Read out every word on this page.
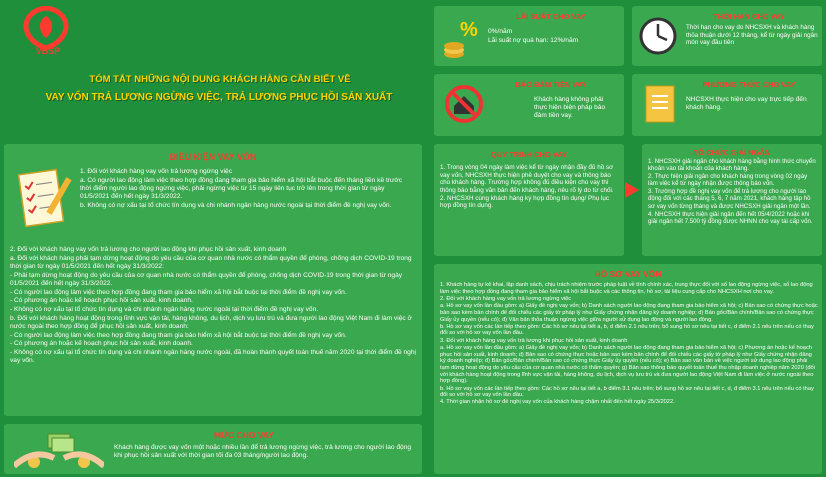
VBSP
TÓM TẮT NHỮNG NỘI DUNG KHÁCH HÀNG CẦN BIẾT VỀ
VAY VỐN TRẢ LƯƠNG NGỪNG VIỆC, TRẢ LƯƠNG PHỤC HỒI SẢN XUẤT
ĐIỀU KIỆN VAY VỐN

1. Đối với khách hàng vay vốn trả lương ngừng việc

a. Có người lao động làm việc theo hợp đồng đang tham gia bảo hiểm xã hội bắt buộc đến tháng liền kề trước thời điểm người lao động ngừng việc, phải ngừng việc từ 15 ngày liên tục trở lên trong thời gian từ ngày 01/5/2021 đến hết ngày 31/3/2022.

b. Không có nợ xấu tại tổ chức tín dụng và chi nhánh ngân hàng nước ngoài tại thời điểm đề nghị vay vốn.

2. Đối với khách hàng vay vốn trả lương cho người lao động khi phục hồi sản xuất, kinh doanh

a. Đối với khách hàng phải tạm dừng hoạt động do yêu cầu của cơ quan nhà nước có thẩm quyền để phòng, chống dịch COVID-19 trong thời gian từ ngày 01/5/2021 đến hết ngày 31/3/2022:

- Phải tạm dừng hoạt động do yêu cầu của cơ quan nhà nước có thẩm quyền để phòng, chống dịch COVID-19 trong thời gian từ ngày 01/5/2021 đến hết ngày 31/3/2022.

- Có người lao động làm việc theo hợp đồng đang tham gia bảo hiểm xã hội bắt buộc tại thời điểm đề nghị vay vốn.

- Có phương án hoặc kế hoạch phục hồi sản xuất, kinh doanh.

- Không có nợ xấu tại tổ chức tín dụng và chi nhánh ngân hàng nước ngoài tại thời điểm đề nghị vay vốn.

b. Đối với khách hàng hoạt động trong lĩnh vực vận tải, hàng không, du lịch, dịch vụ lưu trú và đưa người lao động Việt Nam đi làm việc ở nước ngoài theo hợp đồng để phục hồi sản xuất, kinh doanh:

- Có người lao động làm việc theo hợp đồng đang tham gia bảo hiểm xã hội bắt buộc tại thời điểm đề nghị vay vốn.

- Có phương án hoặc kế hoạch phục hồi sản xuất, kinh doanh.

- Không có nợ xấu tại tổ chức tín dụng và chi nhánh ngân hàng nước ngoài, đã hoàn thành quyết toán thuế năm 2020 tại thời điểm đề nghị vay vốn.

MỨC CHO VAY
Khách hàng được vay vốn một hoặc nhiều lần để trả lương ngừng việc, trả lương cho người lao động khi phục hồi sản xuất với thời gian tối đa 03 tháng/người lao động.
%
LÃI SUẤT CHO VAY

0%/năm

Lãi suất nợ quá hạn: 12%/năm

THỜI HẠN CHO VAY
Thời hạn cho vay do NHCSXH và khách hàng thỏa thuận dưới 12 tháng, kể từ ngày giải ngân món vay đầu tiên
BẢO ĐẢM TIỀN VAY
Khách hàng không phải thực hiện biện pháp bảo đảm tiền vay.
PHƯƠNG THỨC CHO VAY
NHCSXH thực hiện cho vay trực tiếp đến khách hàng.
QUY TRÌNH CHO VAY

1. Trong vòng 04 ngày làm việc kể từ ngày nhận đầy đủ hồ sơ vay vốn, NHCSXH thực hiện phê duyệt cho vay và thông báo cho khách hàng. Trường hợp không đủ điều kiện cho vay thì thông báo bằng văn bản đến khách hàng, nêu rõ lý do từ chối.

2. NHCSXH cùng khách hàng ký hợp đồng tín dụng/ Phụ lục hợp đồng tín dụng.

TỔ CHỨC GIẢI NGÂN

1. NHCSXH giải ngân cho khách hàng bằng hình thức chuyển khoản vào tài khoản của khách hàng.

2. Thực hiện giải ngân cho khách hàng trong vòng 02 ngày làm việc kể từ ngày nhận được thông báo vốn.

3. Trường hợp đề nghị vay vốn để trả lương cho người lao động đối với các tháng 5, 6, 7 năm 2021, khách hàng tập hồ sơ vay vốn từng tháng và được NHCSXH giải ngân một lần.

4. NHCSXH thực hiện giải ngân đến hết 05/4/2022 hoặc khi giải ngân hết 7.500 tỷ đồng được NHNN cho vay tái cấp vốn.

HỒ SƠ VAY VỐN

1. Khách hàng tự kê khai, lập danh sách, chịu trách nhiệm trước pháp luật về tính chính xác, trung thực đối với số lao động ngừng việc, số lao động làm việc theo hợp đồng đang tham gia bảo hiểm xã hội bắt buộc và các thông tin, hồ sơ, tài liệu cung cấp cho NHCSXH nơi cho vay.

2. Đối với khách hàng vay vốn trả lương ngừng việc

a. Hồ sơ vay vốn lần đầu gồm: a) Giấy đề nghị vay vốn; b) Danh sách người lao động đang tham gia bảo hiểm xã hội; c) Bản sao có chứng thực hoặc bản sao kèm bản chính để đối chiếu các giấy tờ pháp lý như Giấy chứng nhận đăng ký doanh nghiệp; d) Bản gốc/Bản chính/Bản sao có chứng thực Giấy ủy quyền (nếu có); đ) Văn bản thỏa thuận ngừng việc giữa người sử dụng lao động và người lao động.

b. Hồ sơ vay vốn các lần tiếp theo gồm: Các hồ sơ nêu tại tiết a, b, d điểm 2.1 nêu trên; bổ sung hồ sơ nêu tại tiết c, d điểm 2.1 nêu trên nếu có thay đổi so với hồ sơ vay vốn lần đầu.

3. Đối với khách hàng vay vốn trả lương khi phục hồi sản xuất, kinh doanh

a. Hồ sơ vay vốn lần đầu gồm: a) Giấy đề nghị vay vốn; b) Danh sách người lao động đang tham gia bảo hiểm xã hội; c) Phương án hoặc kế hoạch phục hồi sản xuất, kinh doanh; d) Bản sao có chứng thực hoặc bản sao kèm bản chính để đối chiếu các giấy tờ pháp lý như Giấy chứng nhận đăng ký doanh nghiệp; đ) Bản gốc/Bản chính/Bản sao có chứng thực Giấy ủy quyền (nếu có); e) Bản sao văn bản về việc người sử dụng lao động phải tạm dừng hoạt động do yêu cầu của cơ quan nhà nước có thẩm quyền; g) Bản sao thông báo quyết toán thuế thu nhập doanh nghiệp năm 2020 (đối với khách hàng hoạt động trong lĩnh vực vận tải, hàng không, du lịch, dịch vụ lưu trú và đưa người lao động Việt Nam đi làm việc ở nước ngoài theo hợp đồng).

b. Hồ sơ vay vốn các lần tiếp theo gồm: Các hồ sơ nêu tại tiết a, b điểm 3.1 nêu trên; bổ sung hồ sơ nêu tại tiết c, d, đ điểm 3.1 nêu trên nếu có thay đổi so với hồ sơ vay vốn lần đầu.

4. Thời gian nhận hồ sơ đề nghị vay vốn của khách hàng chậm nhất đến hết ngày 25/3/2022.
